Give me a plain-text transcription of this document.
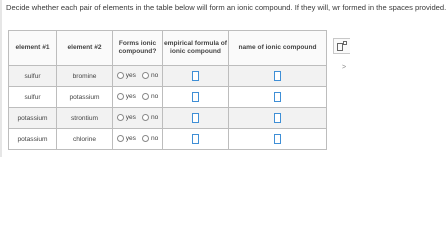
Decide whether each pair of elements in the table below will form an ionic compound. If they will, wr formed in the spaces provided.
element #1	element #2	Forms ionic compound?	empirical formula of ionic compound	name of ionic compound
sulfur	bromine	yes no		

sulfur	potassium	yes no		

potassium	strontium	yes no		

potassium	chlorine	yes no		

>
